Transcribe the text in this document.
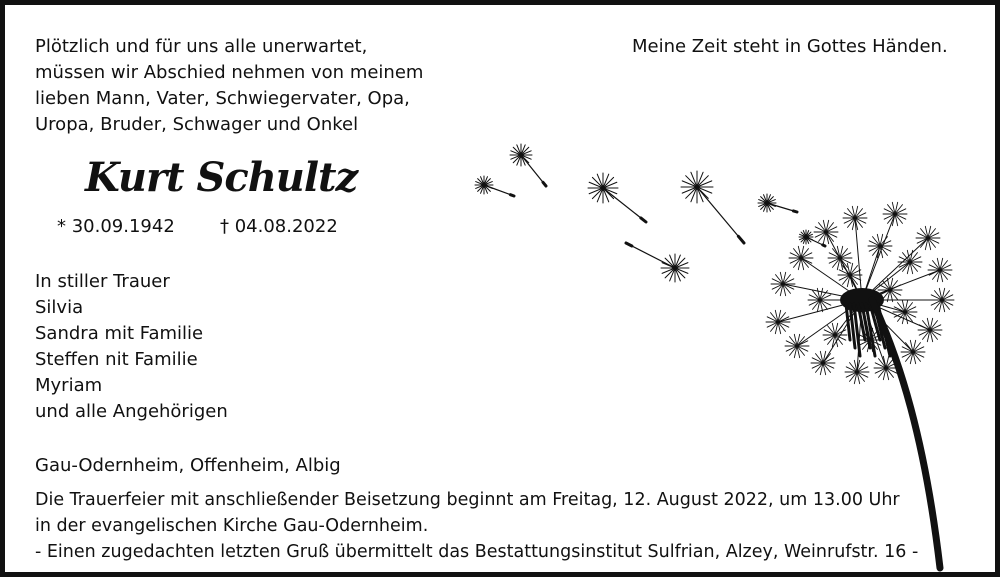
Plötzlich und für uns alle unerwartet,

müssen wir Abschied nehmen von meinem

lieben Mann, Vater, Schwiegervater, Opa,

Uropa, Bruder, Schwager und Onkel

Meine Zeit steht in Gottes Händen.

Kurt Schultz

* 30.09.1942	† 04.08.2022

In stiller Trauer

Silvia

Sandra mit Familie

Steffen nit Familie

Myriam

und alle Angehörigen

Gau-Odernheim, Offenheim, Albig

Die Trauerfeier mit anschließender Beisetzung beginnt am Freitag, 12. August 2022, um 13.00 Uhr

in der evangelischen Kirche Gau-Odernheim.

- Einen zugedachten letzten Gruß übermittelt das Bestattungsinstitut Sulfrian, Alzey, Weinrufstr. 16 -
